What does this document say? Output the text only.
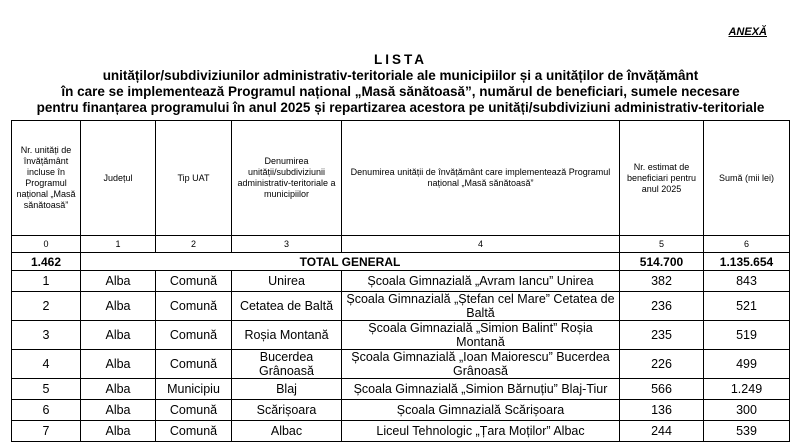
ANEXĂ
LISTA
unităților/subdiviziunilor administrativ-teritoriale ale municipiilor și a unităților de învățământ
în care se implementează Programul național „Masă sănătoasă”, numărul de beneficiari, sumele necesare
pentru finanțarea programului în anul 2025 și repartizarea acestora pe unități/subdiviziuni administrativ-teritoriale
Nr. unități de învățământ incluse în Programul național „Masă sănătoasă”	Județul	Tip UAT	Denumirea unității/subdiviziunii administrativ-teritoriale a municipiilor	Denumirea unității de învățământ care implementează Programul național „Masă sănătoasă”	Nr. estimat de beneficiari pentru anul 2025	Sumă (mii lei)
0	1	2	3	4	5	6
1.462	TOTAL GENERAL				514.700	1.135.654
1	Alba	Comună	Unirea	Școala Gimnazială „Avram Iancu” Unirea	382	843
2	Alba	Comună	Cetatea de Baltă	Școala Gimnazială „Ștefan cel Mare” Cetatea de Baltă	236	521
3	Alba	Comună	Roșia Montană	Școala Gimnazială „Simion Balint” Roșia Montană	235	519
4	Alba	Comună	Bucerdea Grânoasă	Școala Gimnazială „Ioan Maiorescu” Bucerdea Grânoasă	226	499
5	Alba	Municipiu	Blaj	Școala Gimnazială „Simion Bărnuțiu” Blaj-Tiur	566	1.249
6	Alba	Comună	Scărișoara	Școala Gimnazială Scărișoara	136	300
7	Alba	Comună	Albac	Liceul Tehnologic „Țara Moților” Albac	244	539
